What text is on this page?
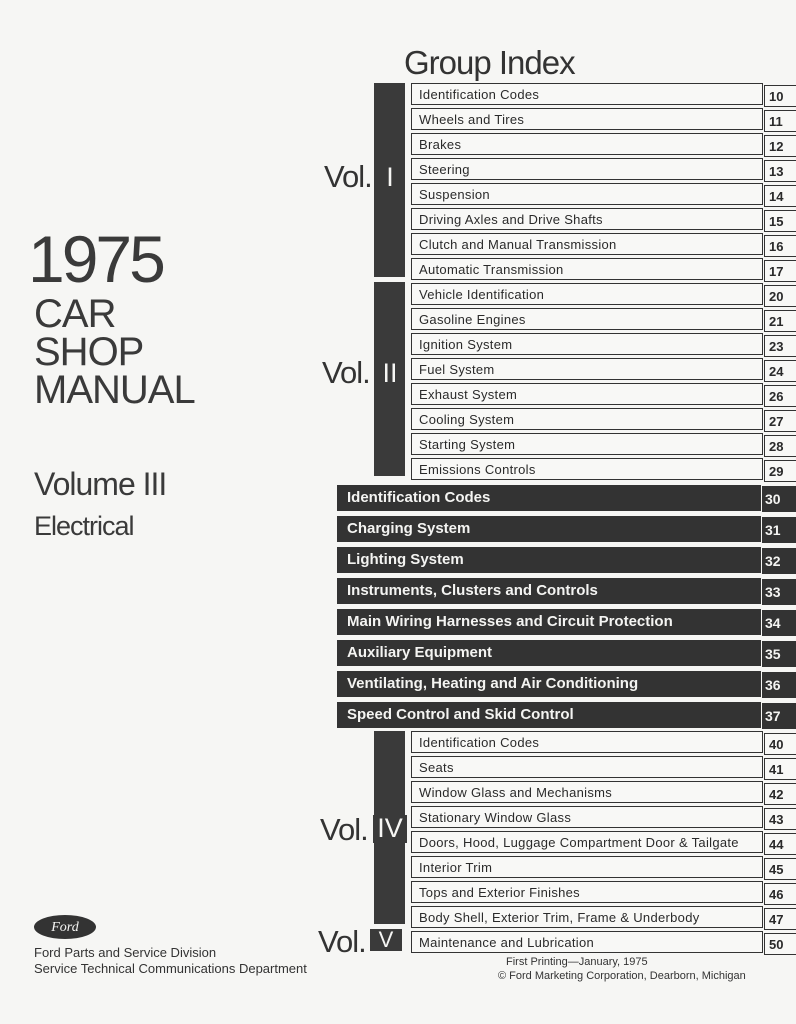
1975
CAR
SHOP
MANUAL
Volume III
Electrical
Group Index
Vol. I
Identification Codes	10
Wheels and Tires	11
Brakes	12
Steering	13
Suspension	14
Driving Axles and Drive Shafts	15
Clutch and Manual Transmission	16
Automatic Transmission	17
Vol. II
Vehicle Identification	20
Gasoline Engines	21
Ignition System	23
Fuel System	24
Exhaust System	26
Cooling System	27
Starting System	28
Emissions Controls	29
Identification Codes	30
Charging System	31
Lighting System	32
Instruments, Clusters and Controls	33
Main Wiring Harnesses and Circuit Protection	34
Auxiliary Equipment	35
Ventilating, Heating and Air Conditioning	36
Speed Control and Skid Control	37
Vol. IV
Identification Codes	40
Seats	41
Window Glass and Mechanisms	42
Stationary Window Glass	43
Doors, Hood, Luggage Compartment Door & Tailgate	44
Interior Trim	45
Tops and Exterior Finishes	46
Body Shell, Exterior Trim, Frame & Underbody	47
Vol. V	Maintenance and Lubrication	50
Ford
Ford Parts and Service Division
Service Technical Communications Department	First Printing—January, 1975
© Ford Marketing Corporation, Dearborn, Michigan
